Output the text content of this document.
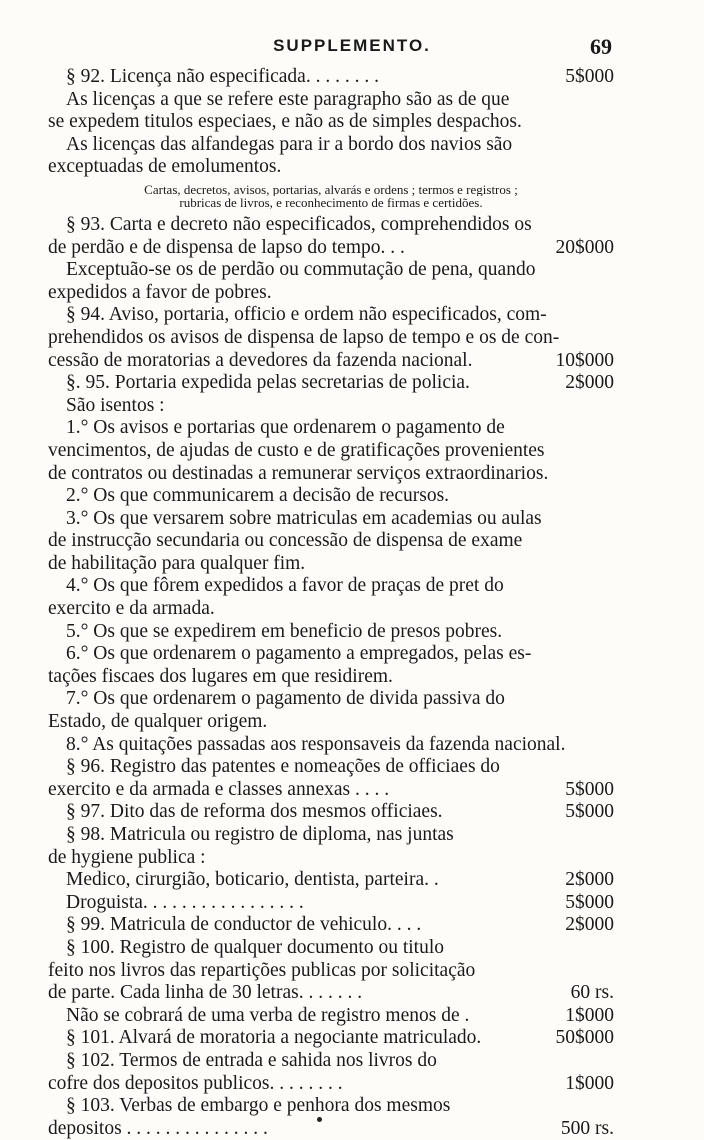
SUPPLEMENTO.	69
§ 92. Licença não especificada. . . . . . . .	5$000
As licenças a que se refere este paragrapho são as de que
se expedem titulos especiaes, e não as de simples despachos.
As licenças das alfandegas para ir a bordo dos navios são
exceptuadas de emolumentos.
Cartas, decretos, avisos, portarias, alvarás e ordens ; termos e registros ;
rubricas de livros, e reconhecimento de firmas e certidões.
§ 93. Carta e decreto não especificados, comprehendidos os
de perdão e de dispensa de lapso do tempo. . .	20$000
Exceptuão-se os de perdão ou commutação de pena, quando
expedidos a favor de pobres.
§ 94. Aviso, portaria, officio e ordem não especificados, com-
prehendidos os avisos de dispensa de lapso de tempo e os de con-
cessão de moratorias a devedores da fazenda nacional.	10$000
§. 95. Portaria expedida pelas secretarias de policia.	2$000
São isentos :
1.° Os avisos e portarias que ordenarem o pagamento de
vencimentos, de ajudas de custo e de gratificações provenientes
de contratos ou destinadas a remunerar serviços extraordinarios.
2.° Os que communicarem a decisão de recursos.
3.° Os que versarem sobre matriculas em academias ou aulas
de instrucção secundaria ou concessão de dispensa de exame
de habilitação para qualquer fim.
4.° Os que fôrem expedidos a favor de praças de pret do
exercito e da armada.
5.° Os que se expedirem em beneficio de presos pobres.
6.° Os que ordenarem o pagamento a empregados, pelas es-
tações fiscaes dos lugares em que residirem.
7.° Os que ordenarem o pagamento de divida passiva do
Estado, de qualquer origem.
8.° As quitações passadas aos responsaveis da fazenda nacional.
§ 96. Registro das patentes e nomeações de officiaes do
exercito e da armada e classes annexas . . . .	5$000
§ 97. Dito das de reforma dos mesmos officiaes.	5$000
§ 98. Matricula ou registro de diploma, nas juntas
de hygiene publica :
Medico, cirurgião, boticario, dentista, parteira. .	2$000
Droguista. . . . . . . . . . . . . . . . .	5$000
§ 99. Matricula de conductor de vehiculo. . . .	2$000
§ 100. Registro de qualquer documento ou titulo
feito nos livros das repartições publicas por solicitação
de parte. Cada linha de 30 letras. . . . . . .	60 rs.
Não se cobrará de uma verba de registro menos de .	1$000
§ 101. Alvará de moratoria a negociante matriculado.	50$000
§ 102. Termos de entrada e sahida nos livros do
cofre dos depositos publicos. . . . . . . .	1$000
§ 103. Verbas de embargo e penhora dos mesmos
depositos . . . . . . . . . . . . . . .	500 rs.
